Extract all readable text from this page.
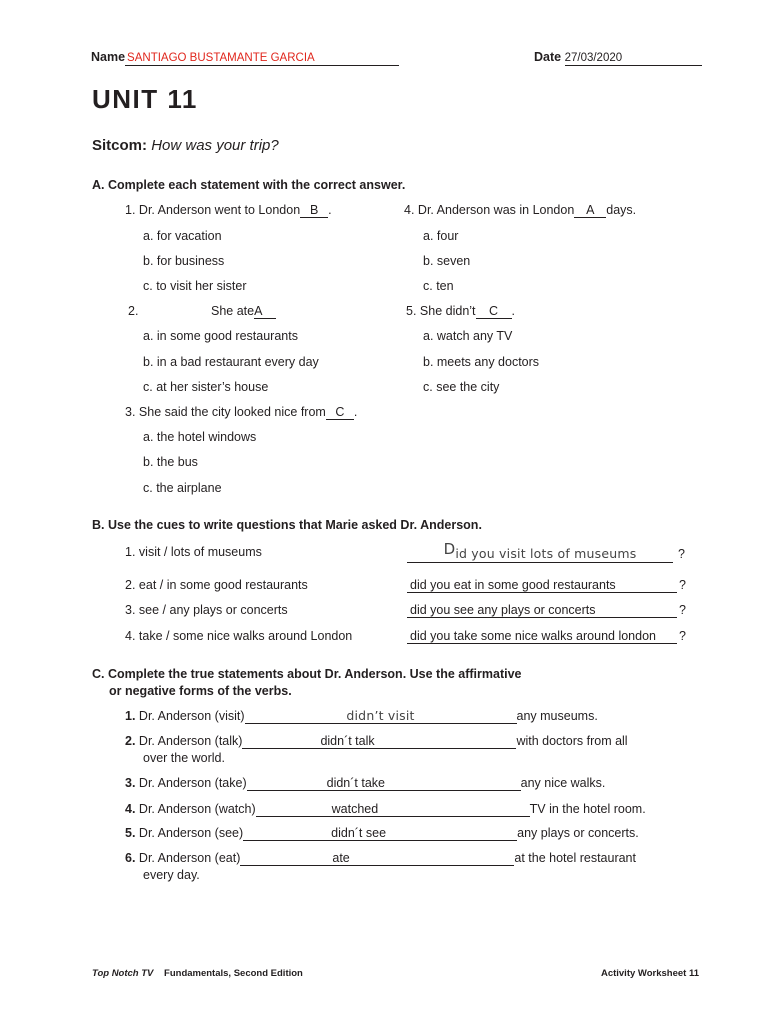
Name SANTIAGO BUSTAMANTE GARCIA	Date 27/03/2020
UNIT 11
Sitcom: How was your trip?
A. Complete each statement with the correct answer.
1. Dr. Anderson went to London B .
a. for vacation
b. for business
c. to visit her sister
4. Dr. Anderson was in London A days.
a. four
b. seven
c. ten
2.	She ateA
a. in some good restaurants
b. in a bad restaurant every day
c. at her sister’s house
5. She didn’t C .
a. watch any TV
b. meets any doctors
c. see the city
3. She said the city looked nice from C .
a. the hotel windows
b. the bus
c. the airplane
B. Use the cues to write questions that Marie asked Dr. Anderson.
1. visit / lots of museums	Did you visit lots of museums	?
2. eat / in some good restaurants	did you eat in some good restaurants	?
3. see / any plays or concerts	did you see any plays or concerts	?
4. take / some nice walks around London	did you take some nice walks around london ?
C. Complete the true statements about Dr. Anderson. Use the affirmative
or negative forms of the verbs.
1. Dr. Anderson (visit)	didn’t visit	any museums.
2. Dr. Anderson (talk)	didn´t talk	with doctors from all
over the world.
3. Dr. Anderson (take)	didn´t take	any nice walks.
4. Dr. Anderson (watch)	watched	TV in the hotel room.
5. Dr. Anderson (see)	didn´t see	any plays or concerts.
6. Dr. Anderson (eat)	ate	at the hotel restaurant
every day.
Top Notch TV Fundamentals, Second Edition	Activity Worksheet 11
